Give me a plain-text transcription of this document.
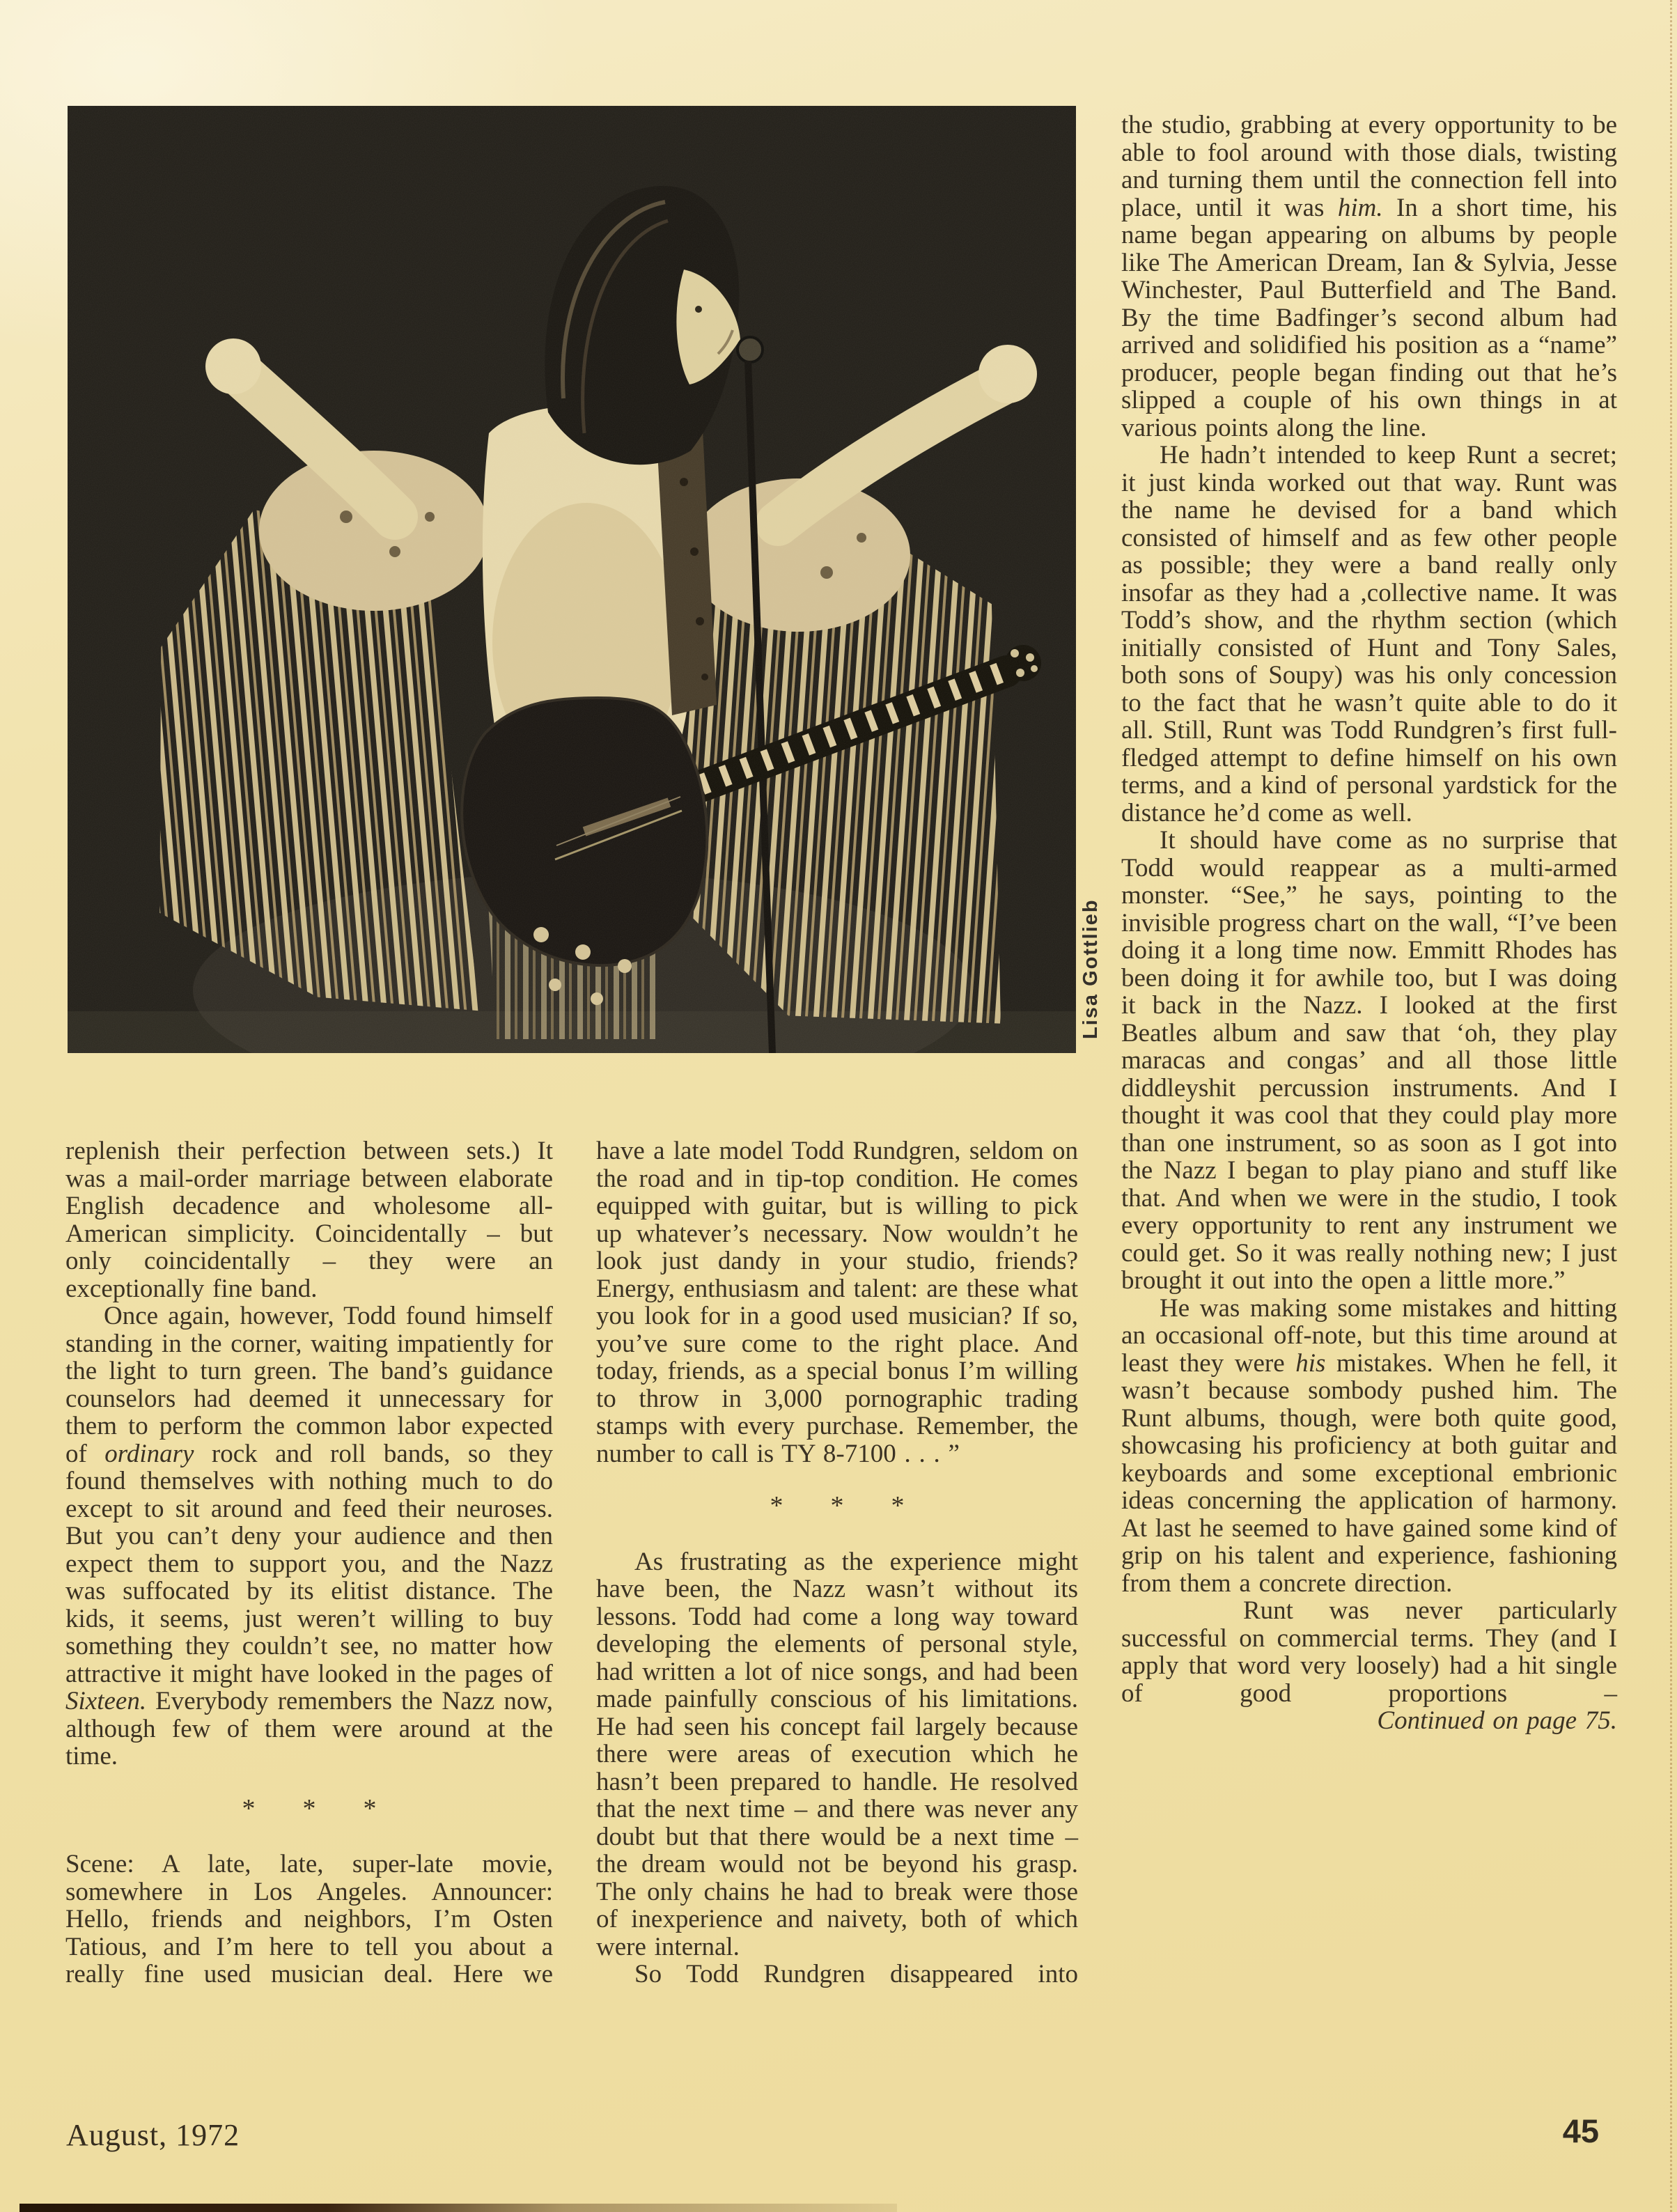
Lisa Gottlieb

replenish their perfection between sets.) It was a mail-order marriage between elaborate English decadence and wholesome all-American simplicity. Coincidentally – but only coincidentally – they were an exceptionally fine band.

Once again, however, Todd found himself standing in the corner, waiting impatiently for the light to turn green. The band’s guidance counselors had deemed it unnecessary for them to perform the common labor expected of ordinary rock and roll bands, so they found themselves with nothing much to do except to sit around and feed their neuroses. But you can’t deny your audience and then expect them to support you, and the Nazz was suffocated by its elitist distance. The kids, it seems, just weren’t willing to buy something they couldn’t see, no matter how attractive it might have looked in the pages of Sixteen. Everybody remembers the Nazz now, although few of them were around at the time.

* * *

Scene: A late, late, super-late movie, somewhere in Los Angeles. Announcer: Hello, friends and neighbors, I’m Osten Tatious, and I’m here to tell you about a really fine used musician deal. Here we

have a late model Todd Rundgren, seldom on the road and in tip-top condition. He comes equipped with guitar, but is willing to pick up whatever’s necessary. Now wouldn’t he look just dandy in your studio, friends? Energy, enthusiasm and talent: are these what you look for in a good used musician? If so, you’ve sure come to the right place. And today, friends, as a special bonus I’m willing to throw in 3,000 pornographic trading stamps with every purchase. Remember, the number to call is TY 8-7100 . . . ”

* * *

As frustrating as the experience might have been, the Nazz wasn’t without its lessons. Todd had come a long way toward developing the elements of personal style, had written a lot of nice songs, and had been made painfully conscious of his limitations. He had seen his concept fail largely because there were areas of execution which he hasn’t been prepared to handle. He resolved that the next time – and there was never any doubt but that there would be a next time – the dream would not be beyond his grasp. The only chains he had to break were those of inexperience and naivety, both of which were internal.

So Todd Rundgren disappeared into

the studio, grabbing at every opportunity to be able to fool around with those dials, twisting and turning them until the connection fell into place, until it was him. In a short time, his name began appearing on albums by people like The American Dream, Ian & Sylvia, Jesse Winchester, Paul Butterfield and The Band. By the time Badfinger’s second album had arrived and solidified his position as a “name” producer, people began finding out that he’s slipped a couple of his own things in at various points along the line.

He hadn’t intended to keep Runt a secret; it just kinda worked out that way. Runt was the name he devised for a band which consisted of himself and as few other people as possible; they were a band really only insofar as they had a ,collective name. It was Todd’s show, and the rhythm section (which initially consisted of Hunt and Tony Sales, both sons of Soupy) was his only concession to the fact that he wasn’t quite able to do it all. Still, Runt was Todd Rundgren’s first full-fledged attempt to define himself on his own terms, and a kind of personal yardstick for the distance he’d come as well.

It should have come as no surprise that Todd would reappear as a multi-armed monster. “See,” he says, pointing to the invisible progress chart on the wall, “I’ve been doing it a long time now. Emmitt Rhodes has been doing it for awhile too, but I was doing it back in the Nazz. I looked at the first Beatles album and saw that ‘oh, they play maracas and congas’ and all those little diddleyshit percussion instruments. And I thought it was cool that they could play more than one instrument, so as soon as I got into the Nazz I began to play piano and stuff like that. And when we were in the studio, I took every opportunity to rent any instrument we could get. So it was really nothing new; I just brought it out into the open a little more.”

He was making some mistakes and hitting an occasional off-note, but this time around at least they were his mistakes. When he fell, it wasn’t because sombody pushed him. The Runt albums, though, were both quite good, showcasing his proficiency at both guitar and keyboards and some exceptional embrionic ideas concerning the application of harmony. At last he seemed to have gained some kind of grip on his talent and experience, fashioning from them a concrete direction.

Runt was never particularly successful on commercial terms. They (and I apply that word very loosely) had a hit single of good proportions –

Continued on page 75.

August, 1972	45
